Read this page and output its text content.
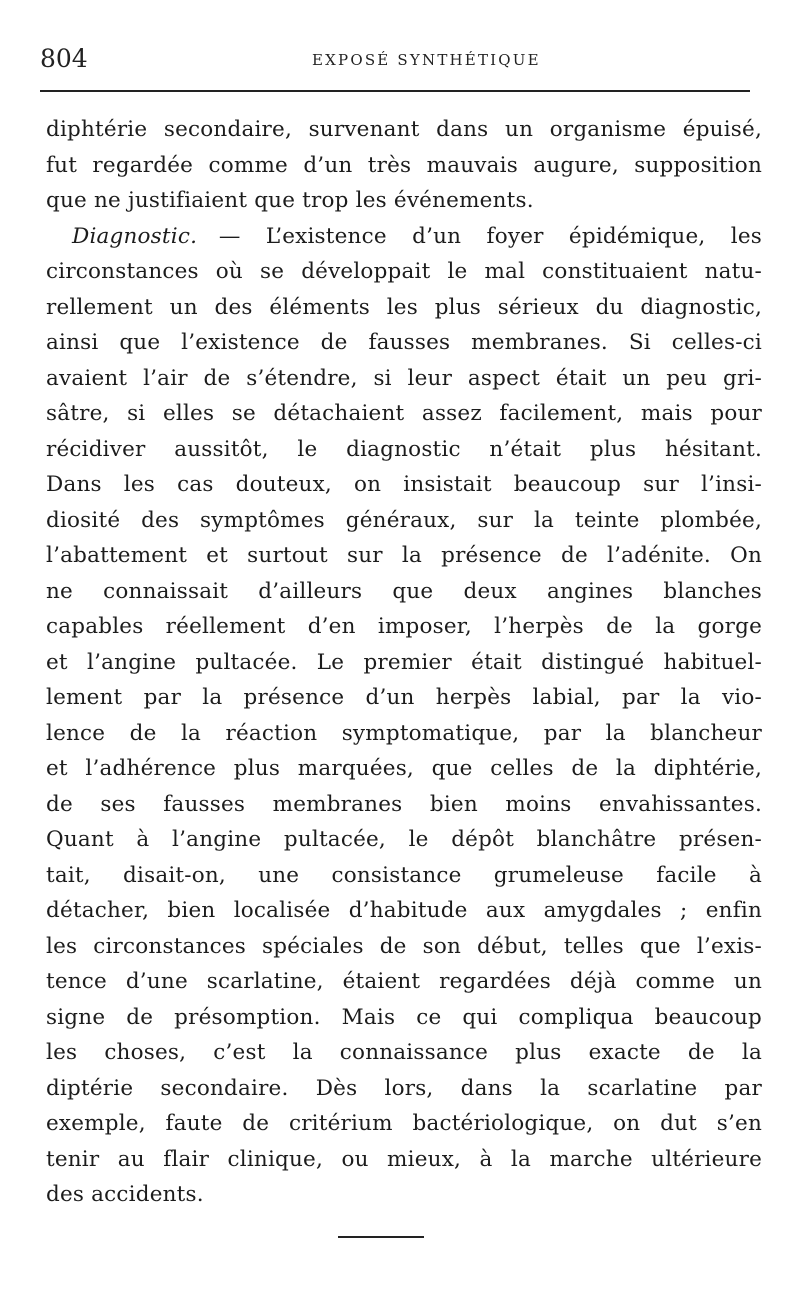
804	EXPOSÉ SYNTHÉTIQUE
diphtérie secondaire, survenant dans un organisme épuisé,
fut regardée comme d’un très mauvais augure, supposition
que ne justifiaient que trop les événements.
Diagnostic.  — L’existence d’un foyer épidémique, les
circonstances où se développait le mal constituaient natu-
rellement un des éléments les plus sérieux du diagnostic,
ainsi que l’existence de fausses membranes. Si celles-ci
avaient l’air de s’étendre, si leur aspect était un peu gri-
sâtre, si elles se détachaient assez facilement, mais pour
récidiver aussitôt, le diagnostic n’était plus hésitant.
Dans les cas douteux, on insistait beaucoup sur l’insi-
diosité des symptômes généraux, sur la teinte plombée,
l’abattement et surtout sur la présence de l’adénite. On
ne connaissait d’ailleurs que deux angines blanches
capables réellement d’en imposer, l’herpès de la gorge
et l’angine pultacée. Le premier était distingué habituel-
lement par la présence d’un herpès labial, par la vio-
lence de la réaction symptomatique, par la blancheur
et l’adhérence plus marquées, que celles de la diphtérie,
de ses fausses membranes bien moins envahissantes.
Quant à l’angine pultacée, le dépôt blanchâtre présen-
tait, disait-on, une consistance grumeleuse facile à
détacher, bien localisée d’habitude aux amygdales ; enfin
les circonstances spéciales de son début, telles que l’exis-
tence d’une scarlatine, étaient regardées déjà comme un
signe de présomption. Mais ce qui compliqua beaucoup
les choses, c’est la connaissance plus exacte de la
diptérie secondaire. Dès lors, dans la scarlatine par
exemple, faute de critérium bactériologique, on dut s’en
tenir au flair clinique, ou mieux, à la marche ultérieure
des accidents.
